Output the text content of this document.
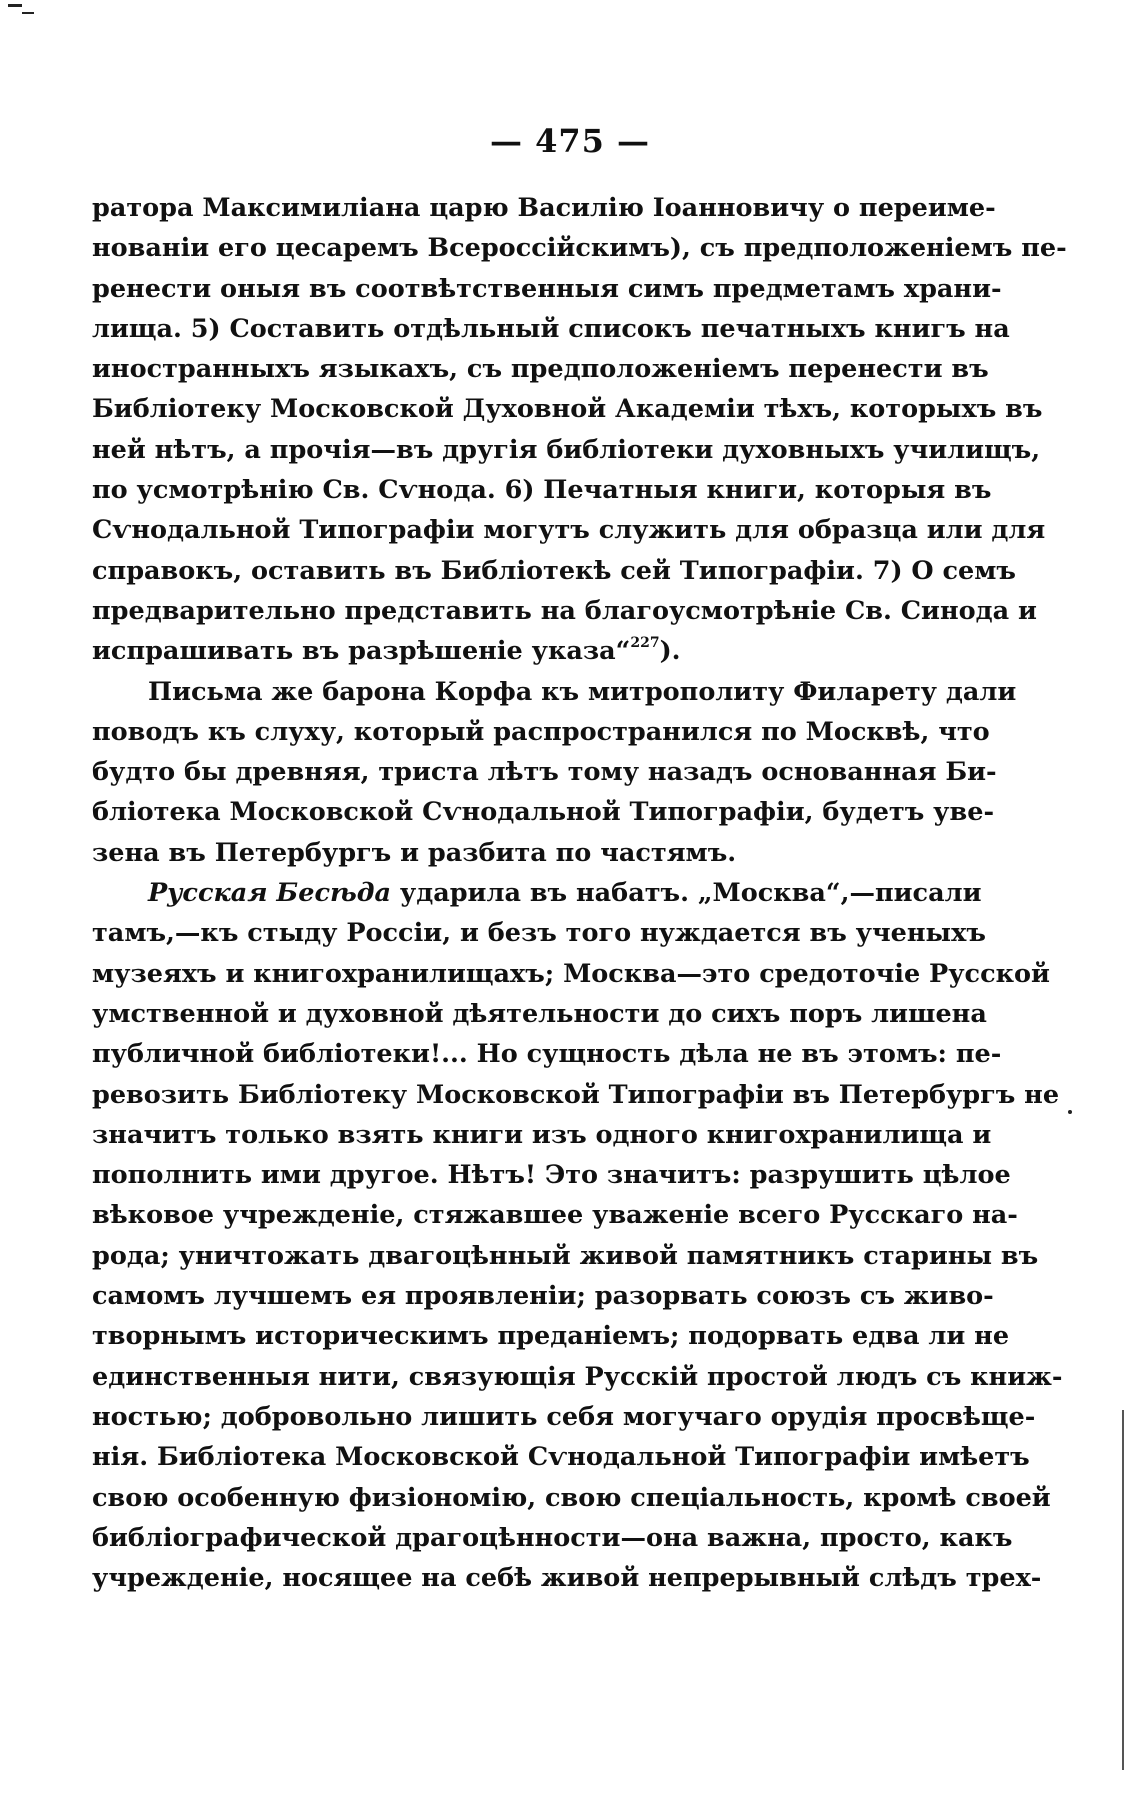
— 475 —
ратора Максимиліана царю Василію Іоанновичу о переиме-
нованіи его цесаремъ Всероссійскимъ), съ предположеніемъ пе-
ренести оныя въ соотвѣтственныя симъ предметамъ храни-
лища. 5) Составить отдѣльный списокъ печатныхъ книгъ на
иностранныхъ языкахъ, съ предположеніемъ перенести въ
Библіотеку Московской Духовной Академіи тѣхъ, которыхъ въ
ней нѣтъ, а прочія—въ другія библіотеки духовныхъ училищъ,
по усмотрѣнію Св. Сѵнода. 6) Печатныя книги, которыя въ
Сѵнодальной Типографіи могутъ служить для образца или для
справокъ, оставить въ Библіотекѣ сей Типографіи. 7) О семъ
предварительно представить на благоусмотрѣніе Св. Синода и
испрашивать въ разрѣшеніе указа“$^{227}$).
Письма же барона Корфа къ митрополиту Филарету дали
поводъ къ слуху, который распространился по Москвѣ, что
будто бы древняя, триста лѣтъ тому назадъ основанная Би-
бліотека Московской Сѵнодальной Типографіи, будетъ уве-
зена въ Петербургъ и разбита по частямъ.
Русская Бесѣда ударила въ набатъ. „Москва“,—писали
тамъ,—къ стыду Россіи, и безъ того нуждается въ ученыхъ
музеяхъ и книгохранилищахъ; Москва—это средоточіе Русской
умственной и духовной дѣятельности до сихъ поръ лишена
публичной библіотеки!... Но сущность дѣла не въ этомъ: пе-
ревозить Библіотеку Московской Типографіи въ Петербургъ не
значитъ только взять книги изъ одного книгохранилища и
пополнить ими другое. Нѣтъ! Это значитъ: разрушить цѣлое
вѣковое учрежденіе, стяжавшее уваженіе всего Русскаго на-
рода; уничтожать двагоцѣнный живой памятникъ старины въ
самомъ лучшемъ ея проявленіи; разорвать союзъ съ живо-
творнымъ историческимъ преданіемъ; подорвать едва ли не
единственныя нити, связующія Русскій простой людъ съ книж-
ностью; добровольно лишить себя могучаго орудія просвѣще-
нія. Библіотека Московской Сѵнодальной Типографіи имѣетъ
свою особенную физіономію, свою спеціальность, кромѣ своей
библіографической драгоцѣнности—она важна, просто, какъ
учрежденіе, носящее на себѣ живой непрерывный слѣдъ трех-
